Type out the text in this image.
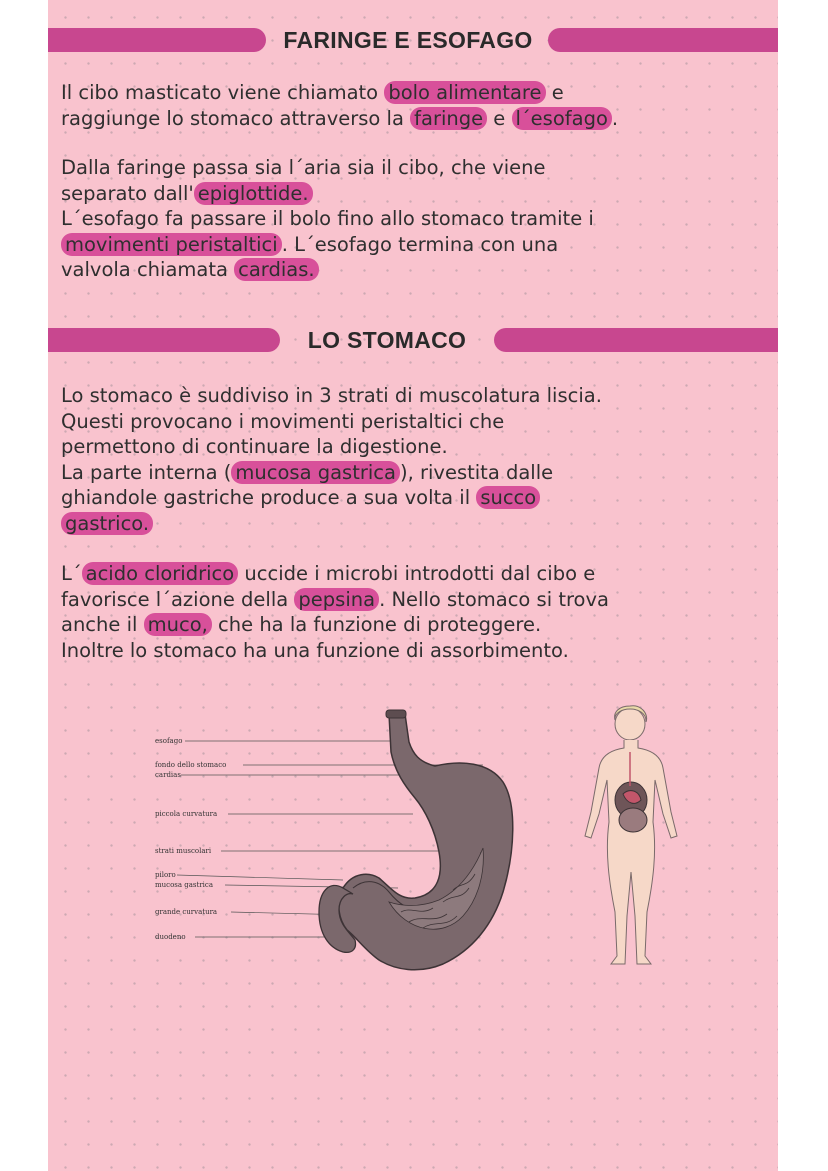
FARINGE E ESOFAGO

Il cibo masticato viene chiamato bolo alimentare e

raggiunge lo stomaco attraverso la faringe e l´esofago .

Dalla faringe passa sia l´aria sia il cibo, che viene

separato dall' epiglottide.

L´esofago fa passare il bolo fino allo stomaco tramite i

movimenti peristaltici . L´esofago termina con una

valvola chiamata cardias.

LO STOMACO

Lo stomaco è suddiviso in 3 strati di muscolatura liscia.

Questi provocano i movimenti peristaltici che

permettono di continuare la digestione.

La parte interna ( mucosa gastrica ), rivestita dalle

ghiandole gastriche produce a sua volta il succo

gastrico.

L´ acido cloridrico uccide i microbi introdotti dal cibo e

favorisce l´azione della pepsina . Nello stomaco si trova

anche il muco, che ha la funzione di proteggere.

Inoltre lo stomaco ha una funzione di assorbimento.

esofago
fondo dello stomaco
cardias
piccola curvatura
strati muscolari
piloro
mucosa gastrica
grande curvatura
duodeno
